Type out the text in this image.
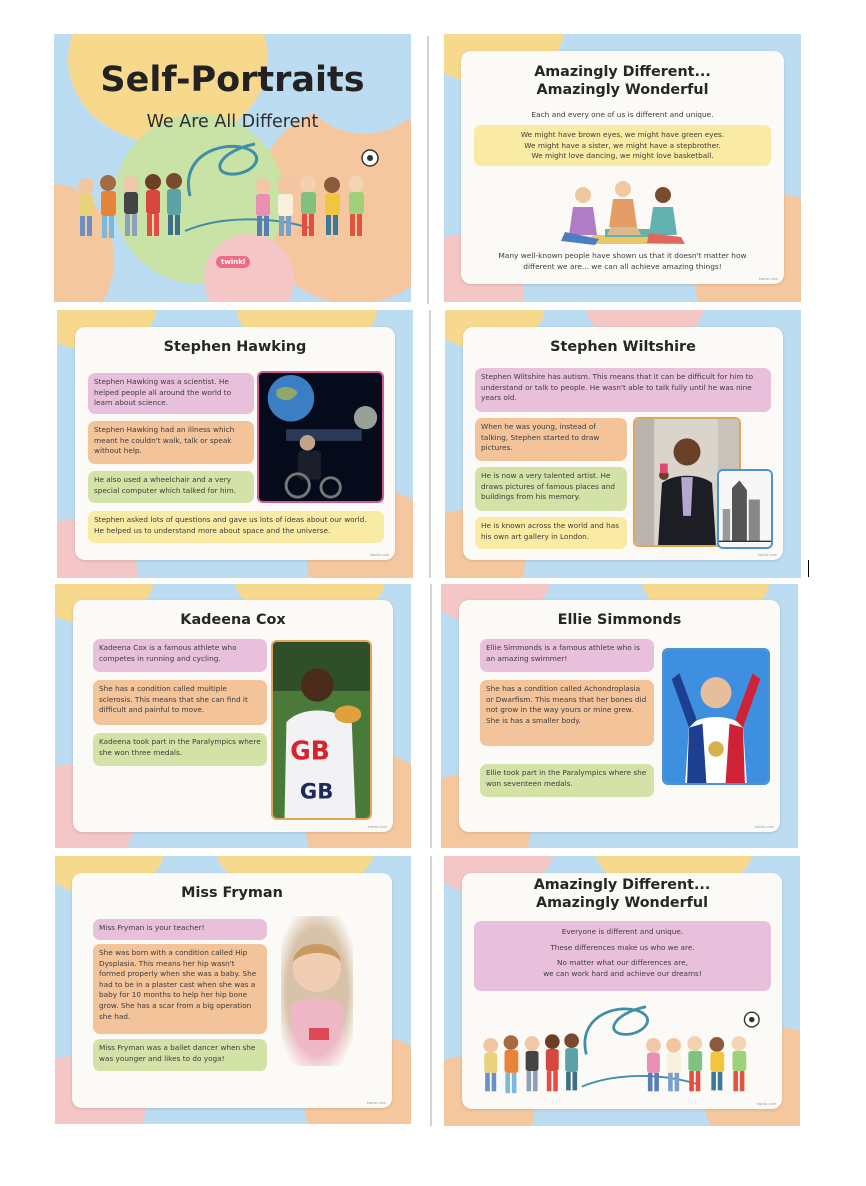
Self-Portraits
We Are All Different
twinkl
Amazingly Different...
Amazingly Wonderful
Each and every one of us is different and unique.
We might have brown eyes, we might have green eyes.
We might have a sister, we might have a stepbrother.
We might love dancing, we might love basketball.
Many well-known people have shown us that it doesn't matter how different we are... we can all achieve amazing things!
twinkl.com
Stephen Hawking
Stephen Hawking was a scientist. He helped people all around the world to learn about science.
Stephen Hawking had an illness which meant he couldn't walk, talk or speak without help.
He also used a wheelchair and a very special computer which talked for him.
Stephen asked lots of questions and gave us lots of ideas about our world. He helped us to understand more about space and the universe.
twinkl.com
Stephen Wiltshire
Stephen Wiltshire has autism. This means that it can be difficult for him to understand or talk to people. He wasn't able to talk fully until he was nine years old.
When he was young, instead of talking, Stephen started to draw pictures.
He is now a very talented artist. He draws pictures of famous places and buildings from his memory.
He is known across the world and has his own art gallery in London.
twinkl.com
Kadeena Cox
Kadeena Cox is a famous athlete who competes in running and cycling.
She has a condition called multiple sclerosis. This means that she can find it difficult and painful to move.
Kadeena took part in the Paralympics where she won three medals.	GB
GB
twinkl.com
Ellie Simmonds
Ellie Simmonds is a famous athlete who is an amazing swimmer!
She has a condition called Achondroplasia or Dwarfism. This means that her bones did not grow in the way yours or mine grew. She is has a smaller body.
Ellie took part in the Paralympics where she won seventeen medals.
twinkl.com
Miss Fryman
Miss Fryman is your teacher!
She was born with a condition called Hip Dysplasia. This means her hip wasn't formed properly when she was a baby. She had to be in a plaster cast when she was a baby for 10 months to help her hip bone grow. She has a scar from a big operation she had.
Miss Fryman was a ballet dancer when she was younger and likes to do yoga!
twinkl.com
Amazingly Different...
Amazingly Wonderful
Everyone is different and unique.
These differences make us who we are.
No matter what our differences are,
we can work hard and achieve our dreams!
twinkl.com
